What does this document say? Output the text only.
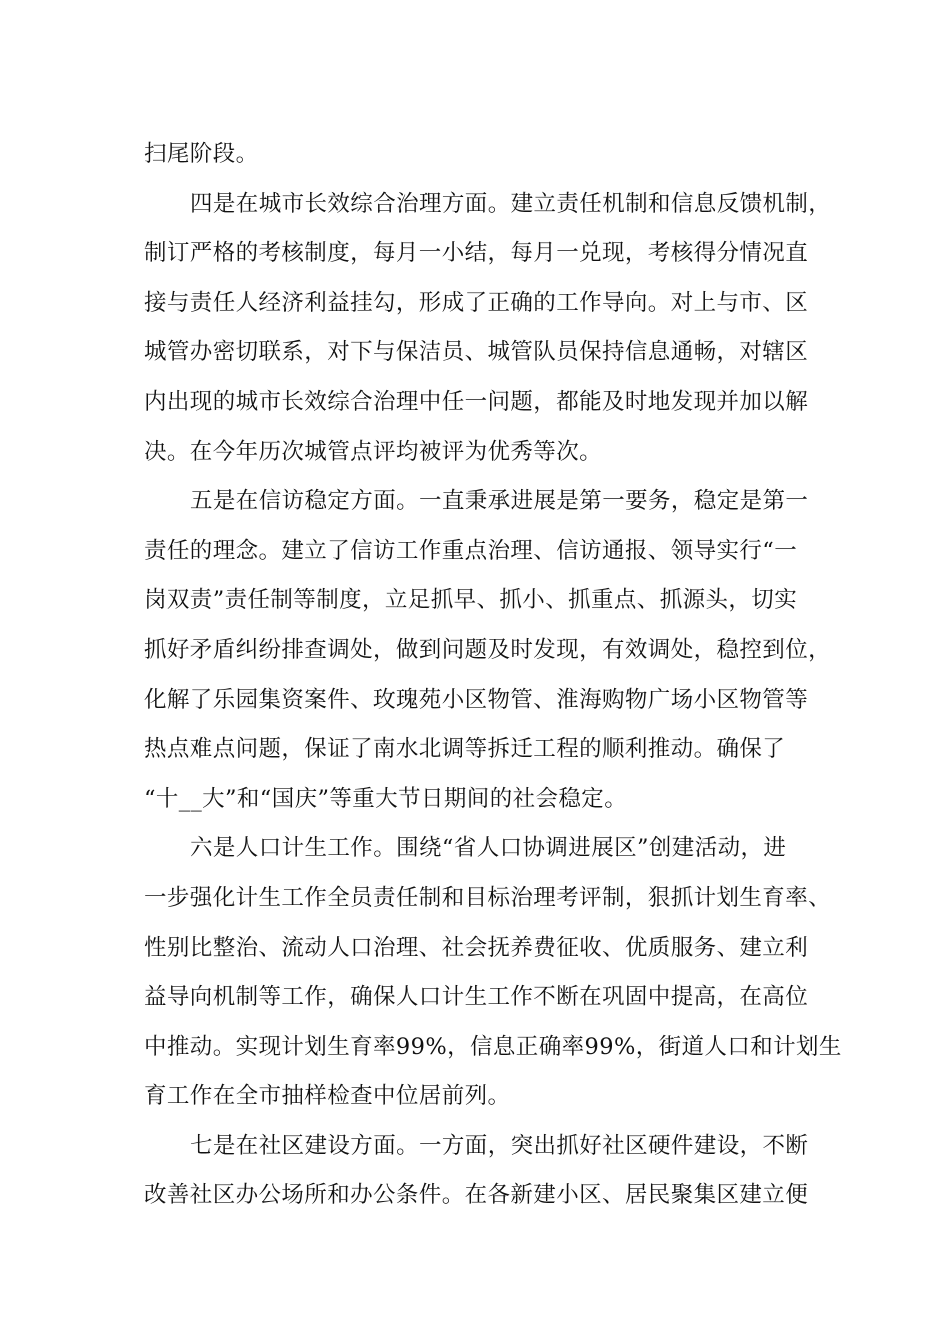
扫尾阶段。
四是在城市长效综合治理方面。建立责任机制和信息反馈机制，
制订严格的考核制度，每月一小结，每月一兑现，考核得分情况直
接与责任人经济利益挂勾，形成了正确的工作导向。对上与市、区
城管办密切联系，对下与保洁员、城管队员保持信息通畅，对辖区
内出现的城市长效综合治理中任一问题，都能及时地发现并加以解
决。在今年历次城管点评均被评为优秀等次。
五是在信访稳定方面。一直秉承进展是第一要务，稳定是第一
责任的理念。建立了信访工作重点治理、信访通报、领导实行“一
岗双责”责任制等制度，立足抓早、抓小、抓重点、抓源头，切实
抓好矛盾纠纷排查调处，做到问题及时发现，有效调处，稳控到位，
化解了乐园集资案件、玫瑰苑小区物管、淮海购物广场小区物管等
热点难点问题，保证了南水北调等拆迁工程的顺利推动。确保了
“十__大”和“国庆”等重大节日期间的社会稳定。
六是人口计生工作。围绕“省人口协调进展区”创建活动，进
一步强化计生工作全员责任制和目标治理考评制，狠抓计划生育率、
性别比整治、流动人口治理、社会抚养费征收、优质服务、建立利
益导向机制等工作，确保人口计生工作不断在巩固中提高，在高位
中推动。实现计划生育率99%，信息正确率99%，街道人口和计划生
育工作在全市抽样检查中位居前列。
七是在社区建设方面。一方面，突出抓好社区硬件建设，不断
改善社区办公场所和办公条件。在各新建小区、居民聚集区建立便
